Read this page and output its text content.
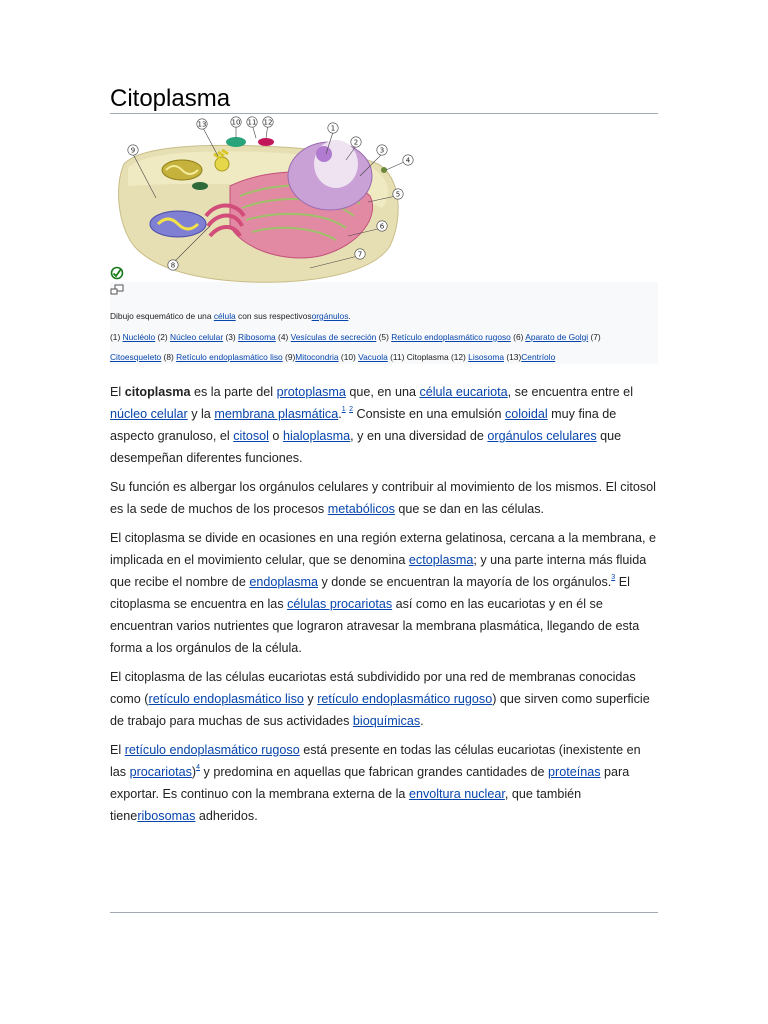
Citoplasma
1
2
3
4
5
6
7
8
9
10 11 12
13
Dibujo esquemático de una célula con sus respectivosorgánulos.
(1) Nucléolo (2) Núcleo celular (3) Ribosoma (4) Vesículas de secreción (5) Retículo endoplasmático rugoso (6) Aparato de Golgi (7) Citoesqueleto (8) Retículo endoplasmático liso (9)Mitocondria (10) Vacuola (11) Citoplasma (12) Lisosoma (13)Centríolo

El citoplasma es la parte del protoplasma que, en una célula eucariota, se encuentra entre el núcleo celular y la membrana plasmática.$^1$ $^2$ Consiste en una emulsión coloidal muy fina de aspecto granuloso, el citosol o hialoplasma, y en una diversidad de orgánulos celulares que desempeñan diferentes funciones.

Su función es albergar los orgánulos celulares y contribuir al movimiento de los mismos. El citosol es la sede de muchos de los procesos metabólicos que se dan en las células.

El citoplasma se divide en ocasiones en una región externa gelatinosa, cercana a la membrana, e implicada en el movimiento celular, que se denomina ectoplasma; y una parte interna más fluida que recibe el nombre de endoplasma y donde se encuentran la mayoría de los orgánulos.$^3$ El citoplasma se encuentra en las células procariotas así como en las eucariotas y en él se encuentran varios nutrientes que lograron atravesar la membrana plasmática, llegando de esta forma a los orgánulos de la célula.

El citoplasma de las células eucariotas está subdividido por una red de membranas conocidas como (retículo endoplasmático liso y retículo endoplasmático rugoso) que sirven como superficie de trabajo para muchas de sus actividades bioquímicas.

El retículo endoplasmático rugoso está presente en todas las células eucariotas (inexistente en las procariotas)$^4$ y predomina en aquellas que fabrican grandes cantidades de proteínas para exportar. Es continuo con la membrana externa de la envoltura nuclear, que también tieneribosomas adheridos.
